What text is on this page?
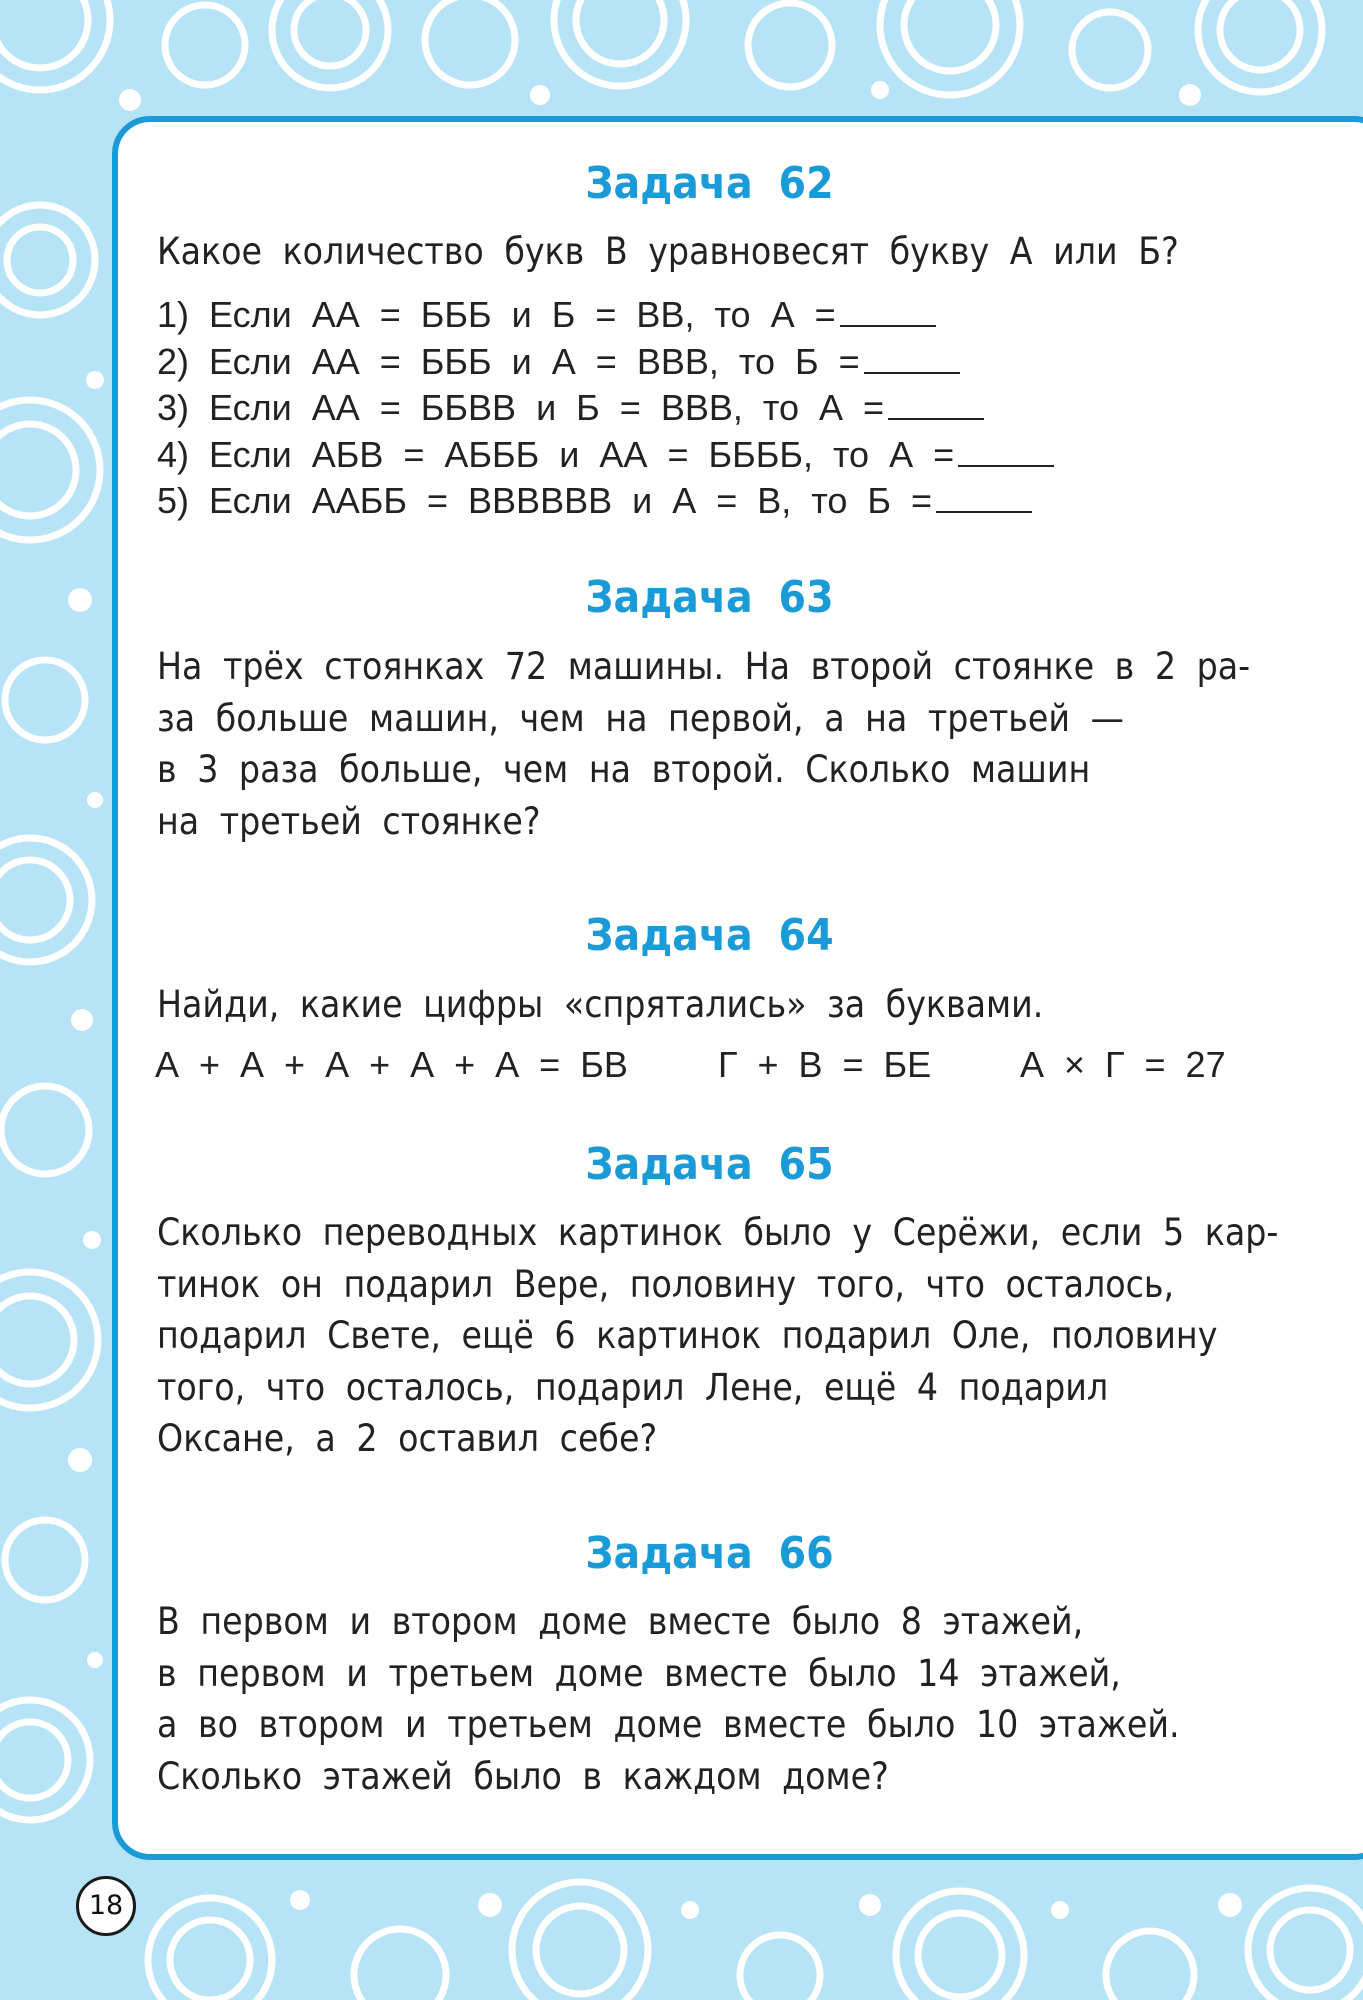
Задача 62

Какое количество букв В уравновесят букву А или Б?

1) Если АА = БББ и Б = ВВ, то А =

2) Если АА = БББ и А = ВВВ, то Б =

3) Если АА = ББВВ и Б = ВВВ, то А =

4) Если АБВ = АБББ и АА = ББББ, то А =

5) Если ААББ = ВВВВВВ и А = В, то Б =

Задача 63

На трёх стоянках 72 машины. На второй стоянке в 2 ра-

за больше машин, чем на первой, а на третьей —

в 3 раза больше, чем на второй. Сколько машин

на третьей стоянке?

Задача 64

Найди, какие цифры «спрятались» за буквами.

А + А + А + А + А = БВ	Г + В = БЕ А × Г = 27
Задача 65

Сколько переводных картинок было у Серёжи, если 5 кар-

тинок он подарил Вере, половину того, что осталось,

подарил Свете, ещё 6 картинок подарил Оле, половину

того, что осталось, подарил Лене, ещё 4 подарил

Оксане, а 2 оставил себе?

Задача 66

В первом и втором доме вместе было 8 этажей,

в первом и третьем доме вместе было 14 этажей,

а во втором и третьем доме вместе было 10 этажей.

Сколько этажей было в каждом доме?

18
